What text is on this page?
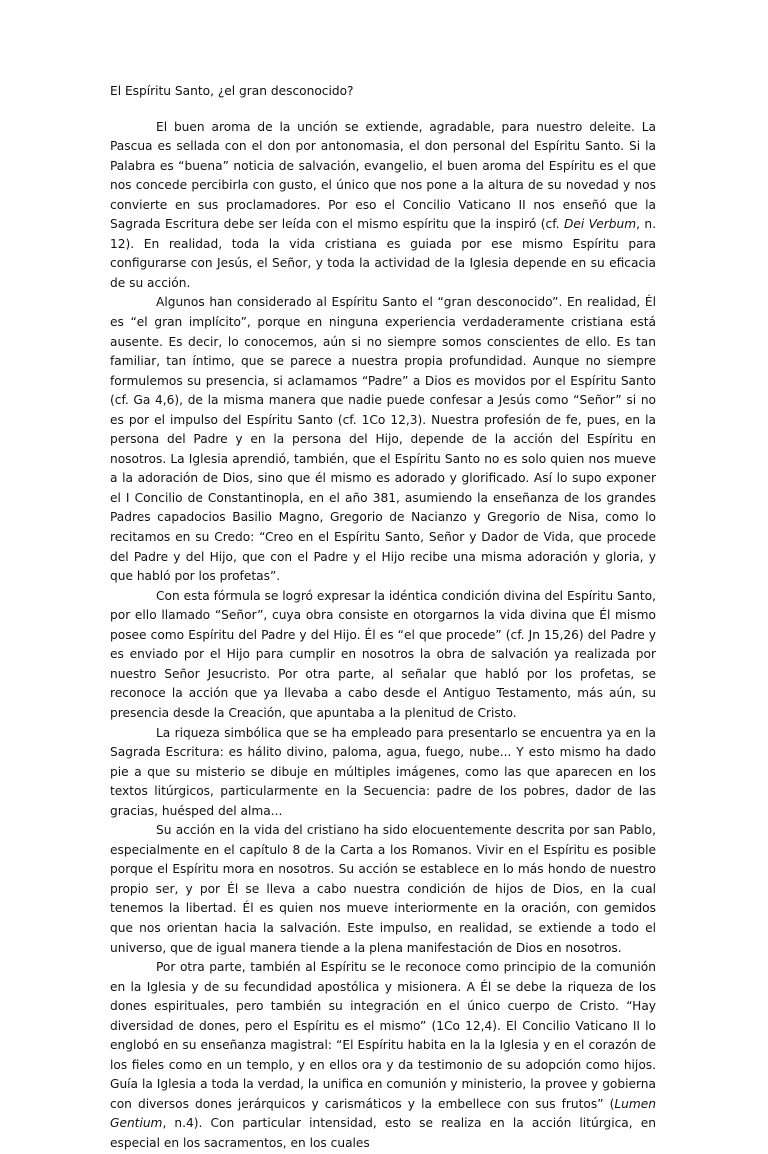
El Espíritu Santo, ¿el gran desconocido?

El buen aroma de la unción se extiende, agradable, para nuestro deleite. La Pascua es sellada con el don por antonomasia, el don personal del Espíritu Santo. Si la Palabra es “buena” noticia de salvación, evangelio, el buen aroma del Espíritu es el que nos concede percibirla con gusto, el único que nos pone a la altura de su novedad y nos convierte en sus proclamadores. Por eso el Concilio Vaticano II nos enseñó que la Sagrada Escritura debe ser leída con el mismo espíritu que la inspiró (cf. Dei Verbum, n. 12). En realidad, toda la vida cristiana es guiada por ese mismo Espíritu para configurarse con Jesús, el Señor, y toda la actividad de la Iglesia depende en su eficacia de su acción.

Algunos han considerado al Espíritu Santo el “gran desconocido”. En realidad, Él es “el gran implícito”, porque en ninguna experiencia verdaderamente cristiana está ausente. Es decir, lo conocemos, aún si no siempre somos conscientes de ello. Es tan familiar, tan íntimo, que se parece a nuestra propia profundidad. Aunque no siempre formulemos su presencia, si aclamamos “Padre” a Dios es movidos por el Espíritu Santo (cf. Ga 4,6), de la misma manera que nadie puede confesar a Jesús como “Señor” si no es por el impulso del Espíritu Santo (cf. 1Co 12,3). Nuestra profesión de fe, pues, en la persona del Padre y en la persona del Hijo, depende de la acción del Espíritu en nosotros. La Iglesia aprendió, también, que el Espíritu Santo no es solo quien nos mueve a la adoración de Dios, sino que él mismo es adorado y glorificado. Así lo supo exponer el I Concilio de Constantinopla, en el año 381, asumiendo la enseñanza de los grandes Padres capadocios Basilio Magno, Gregorio de Nacianzo y Gregorio de Nisa, como lo recitamos en su Credo: “Creo en el Espíritu Santo, Señor y Dador de Vida, que procede del Padre y del Hijo, que con el Padre y el Hijo recibe una misma adoración y gloria, y que habló por los profetas”.

Con esta fórmula se logró expresar la idéntica condición divina del Espíritu Santo, por ello llamado “Señor”, cuya obra consiste en otorgarnos la vida divina que Él mismo posee como Espíritu del Padre y del Hijo. Él es “el que procede” (cf. Jn 15,26) del Padre y es enviado por el Hijo para cumplir en nosotros la obra de salvación ya realizada por nuestro Señor Jesucristo. Por otra parte, al señalar que habló por los profetas, se reconoce la acción que ya llevaba a cabo desde el Antiguo Testamento, más aún, su presencia desde la Creación, que apuntaba a la plenitud de Cristo.

La riqueza simbólica que se ha empleado para presentarlo se encuentra ya en la Sagrada Escritura: es hálito divino, paloma, agua, fuego, nube... Y esto mismo ha dado pie a que su misterio se dibuje en múltiples imágenes, como las que aparecen en los textos litúrgicos, particularmente en la Secuencia: padre de los pobres, dador de las gracias, huésped del alma...

Su acción en la vida del cristiano ha sido elocuentemente descrita por san Pablo, especialmente en el capítulo 8 de la Carta a los Romanos. Vivir en el Espíritu es posible porque el Espíritu mora en nosotros. Su acción se establece en lo más hondo de nuestro propio ser, y por Él se lleva a cabo nuestra condición de hijos de Dios, en la cual tenemos la libertad. Él es quien nos mueve interiormente en la oración, con gemidos que nos orientan hacia la salvación. Este impulso, en realidad, se extiende a todo el universo, que de igual manera tiende a la plena manifestación de Dios en nosotros.

Por otra parte, también al Espíritu se le reconoce como principio de la comunión en la Iglesia y de su fecundidad apostólica y misionera. A Él se debe la riqueza de los dones espirituales, pero también su integración en el único cuerpo de Cristo. “Hay diversidad de dones, pero el Espíritu es el mismo” (1Co 12,4). El Concilio Vaticano II lo englobó en su enseñanza magistral: “El Espíritu habita en la la Iglesia y en el corazón de los fieles como en un templo, y en ellos ora y da testimonio de su adopción como hijos. Guía la Iglesia a toda la verdad, la unifica en comunión y ministerio, la provee y gobierna con diversos dones jerárquicos y carismáticos y la embellece con sus frutos” (Lumen Gentium, n.4). Con particular intensidad, esto se realiza en la acción litúrgica, en especial en los sacramentos, en los cuales
